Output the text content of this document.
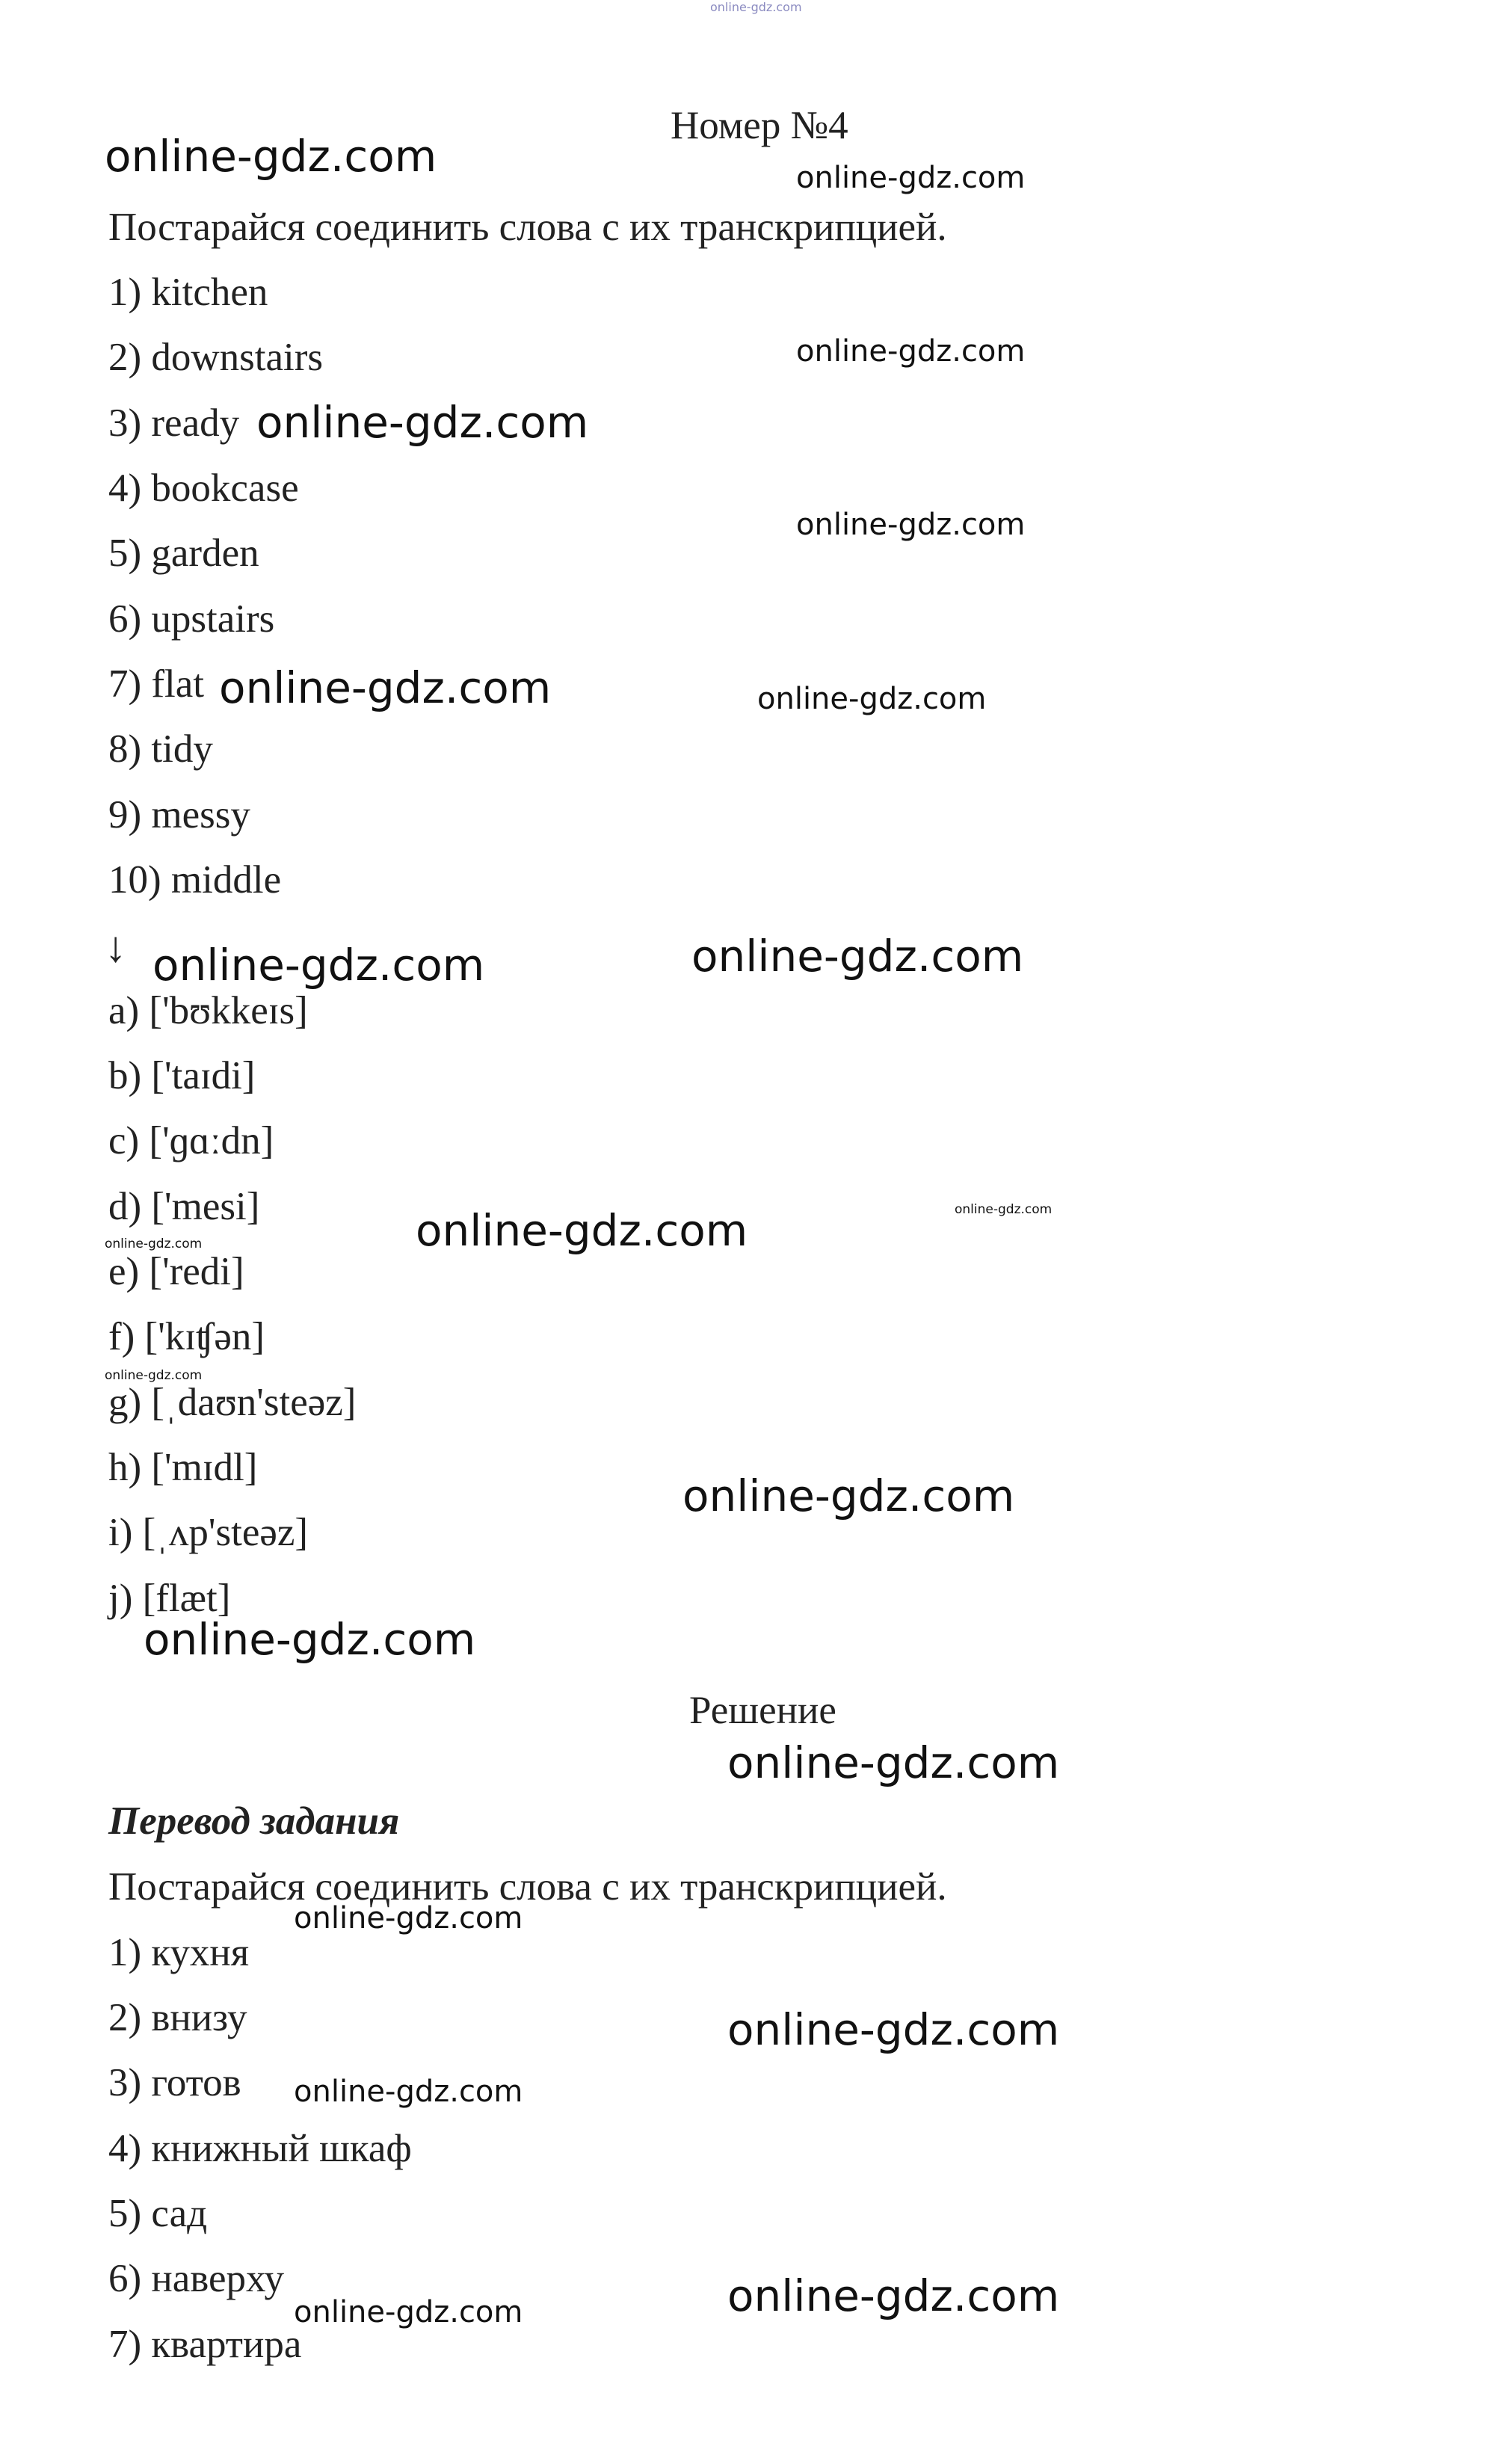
online-gdz.com
Номер №4
Постарайся соединить слова с их транскрипцией.
1) kitchen
2) downstairs
3) ready
4) bookcase
5) garden
6) upstairs
7) flat
8) tidy
9) messy
10) middle
↓
a) ['bʊkkeɪs]
b) ['taɪdi]
c) ['ɡɑːdn]
d) ['mesi]
e) ['redi]
f) ['kɪʧən]
g) [ˌdaʊn'steəz]
h) ['mɪdl]
i) [ˌʌp'steəz]
j) [flæt]
Решение
Перевод задания
Постарайся соединить слова с их транскрипцией.
1) кухня
2) внизу
3) готов
4) книжный шкаф
5) сад
6) наверху
7) квартира
online-gdz.com	online-gdz.com
online-gdz.com
online-gdz.com
online-gdz.com
online-gdz.com	online-gdz.com
online-gdz.com	online-gdz.com
online-gdz.com	online-gdz.com
online-gdz.com
online-gdz.com
online-gdz.com
online-gdz.com
online-gdz.com
online-gdz.com
online-gdz.com
online-gdz.com
online-gdz.com
online-gdz.com
